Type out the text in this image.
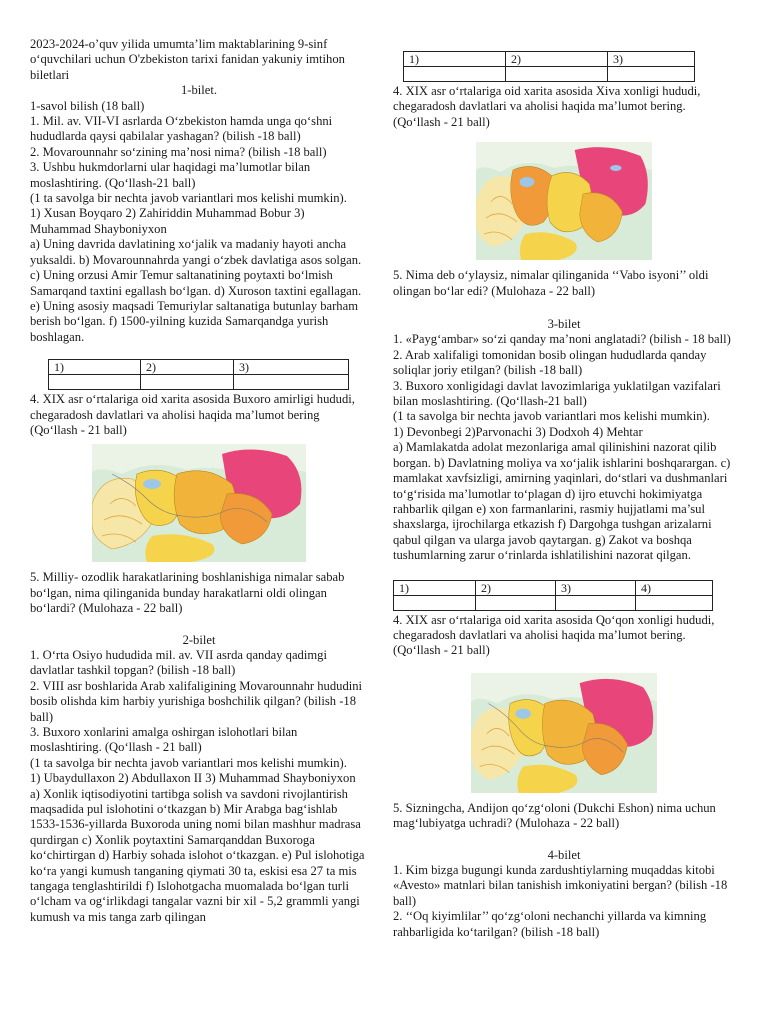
2023-2024-o’quv yilida umumta’lim maktablarining 9-sinf o‘quvchilari uchun O'zbekiston tarixi fanidan yakuniy imtihon biletlari

1-bilet.

1-savol bilish (18 ball)

1. Mil. av. VII-VI asrlarda O‘zbekiston hamda unga qo‘shni hududlarda qaysi qabilalar yashagan? (bilish -18 ball)

2. Movarounnahr so‘zining ma’nosi nima? (bilish -18 ball)

3. Ushbu hukmdorlarni ular haqidagi ma’lumotlar bilan moslashtiring. (Qo‘llash-21 ball)

(1 ta savolga bir nechta javob variantlari mos kelishi mumkin).

1) Xusan Boyqaro 2) Zahiriddin Muhammad Bobur 3) Muhammad Shayboniyxon

a) Uning davrida davlatining xo‘jalik va madaniy hayoti ancha yuksaldi. b) Movarounnahrda yangi o‘zbek davlatiga asos solgan. c) Uning orzusi Amir Temur saltanatining poytaxti bo‘lmish Samarqand taxtini egallash bo‘lgan. d) Xuroson taxtini egallagan. e) Uning asosiy maqsadi Temuriylar saltanatiga butunlay barham berish bo‘lgan. f) 1500-yilning kuzida Samarqandga yurish boshlagan.

1)	2)	3)

4. XIX asr o‘rtalariga oid xarita asosida Buxoro amirligi hududi, chegaradosh davlatlari va aholisi haqida ma’lumot bering (Qo‘llash - 21 ball)

5. Milliy- ozodlik harakatlarining boshlanishiga nimalar sabab bo‘lgan, nima qilinganida bunday harakatlarni oldi olingan bo‘lardi? (Mulohaza - 22 ball)

2-bilet

1. O‘rta Osiyo hududida mil. av. VII asrda qanday qadimgi davlatlar tashkil topgan? (bilish -18 ball)

2. VIII asr boshlarida Arab xalifaligining Movarounnahr hududini bosib olishda kim harbiy yurishiga boshchilik qilgan? (bilish -18 ball)

3. Buxoro xonlarini amalga oshirgan islohotlari bilan moslashtiring. (Qo‘llash - 21 ball)

(1 ta savolga bir nechta javob variantlari mos kelishi mumkin).

1) Ubaydullaxon 2) Abdullaxon II 3) Muhammad Shayboniyxon

a) Xonlik iqtisodiyotini tartibga solish va savdoni rivojlantirish maqsadida pul islohotini o‘tkazgan b) Mir Arabga bag‘ishlab 1533-1536-yillarda Buxoroda uning nomi bilan mashhur madrasa qurdirgan c) Xonlik poytaxtini Samarqanddan Buxoroga ko‘chirtirgan d) Harbiy sohada islohot o‘tkazgan. e) Pul islohotiga ko‘ra yangi kumush tanganing qiymati 30 ta, eskisi esa 27 ta mis tangaga tenglashtirildi f) Islohotgacha muomalada bo‘lgan turli o‘lcham va og‘irlikdagi tangalar vazni bir xil - 5,2 grammli yangi kumush va mis tanga zarb qilingan

1)	2)	3)

4. XIX asr o‘rtalariga oid xarita asosida Xiva xonligi hududi, chegaradosh davlatlari va aholisi haqida ma’lumot bering. (Qo‘llash - 21 ball)

5. Nima deb o‘ylaysiz, nimalar qilinganida ‘‘Vabo isyoni’’ oldi olingan bo‘lar edi? (Mulohaza - 22 ball)

3-bilet

1. «Payg‘ambar» so‘zi qanday ma’noni anglatadi? (bilish - 18 ball)

2. Arab xalifaligi tomonidan bosib olingan hududlarda qanday soliqlar joriy etilgan? (bilish -18 ball)

3. Buxoro xonligidagi davlat lavozimlariga yuklatilgan vazifalari bilan moslashtiring. (Qo‘llash-21 ball)

(1 ta savolga bir nechta javob variantlari mos kelishi mumkin).

1) Devonbegi 2)Parvonachi 3) Dodxoh 4) Mehtar

a) Mamlakatda adolat mezonlariga amal qilinishini nazorat qilib borgan. b) Davlatning moliya va xo‘jalik ishlarini boshqarargan. c) mamlakat xavfsizligi, amirning yaqinlari, do‘stlari va dushmanlari to‘g‘risida ma’lumotlar to‘plagan d) ijro etuvchi hokimiyatga rahbarlik qilgan e) xon farmanlarini, rasmiy hujjatlami ma’sul shaxslarga, ijrochilarga etkazish f) Dargohga tushgan arizalarni qabul qilgan va ularga javob qaytargan. g) Zakot va boshqa tushumlarning zarur o‘rinlarda ishlatilishini nazorat qilgan.

1)	2)	3)	4)

4. XIX asr o‘rtalariga oid xarita asosida Qo‘qon xonligi hududi, chegaradosh davlatlari va aholisi haqida ma’lumot bering. (Qo‘llash - 21 ball)

5. Sizningcha, Andijon qo‘zg‘oloni (Dukchi Eshon) nima uchun mag‘lubiyatga uchradi? (Mulohaza - 22 ball)

4-bilet

1. Kim bizga bugungi kunda zardushtiylarning muqaddas kitobi «Avesto» matnlari bilan tanishish imkoniyatini bergan? (bilish -18 ball)

2. ‘‘Oq kiyimlilar’’ qo‘zg‘oloni nechanchi yillarda va kimning rahbarligida ko‘tarilgan? (bilish -18 ball)
